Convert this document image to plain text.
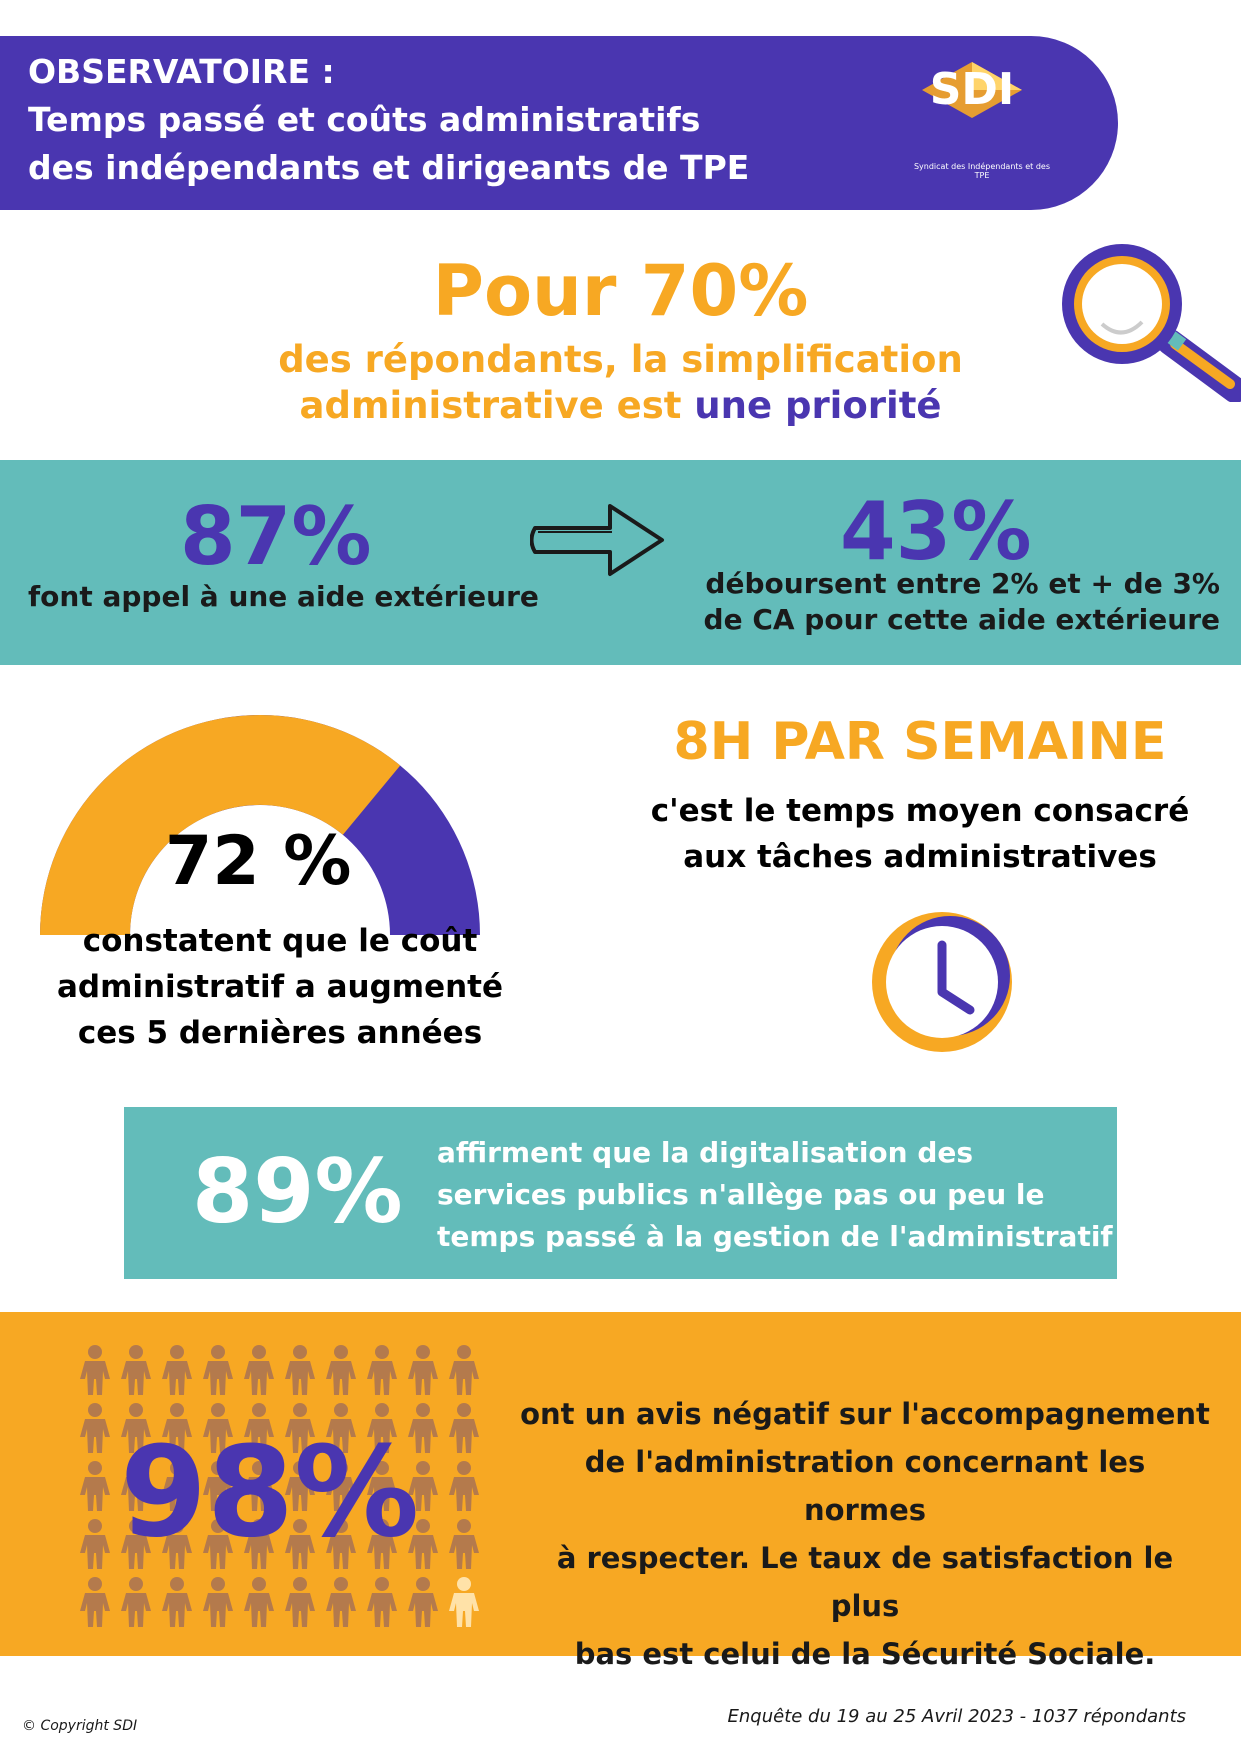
OBSERVATOIRE :
Temps passé et coûts administratifs
des indépendants et dirigeants de TPE
SDI
Syndicat des Indépendants et des TPE
Pour 70%
des répondants, la simplification
administrative est une priorité
87%
font appel à une aide extérieure
43%
déboursent entre 2% et + de 3%
de CA pour cette aide extérieure
72 %
constatent que le coût
administratif a augmenté
ces 5 dernières années
8H PAR SEMAINE
c'est le temps moyen consacré
aux tâches administratives
89% affirment que la digitalisation des
services publics n'allège pas ou peu le
temps passé à la gestion de l'administratif
98%
ont un avis négatif sur l'accompagnement
de l'administration concernant les normes
à respecter. Le taux de satisfaction le plus
bas est celui de la Sécurité Sociale.
© Copyright SDI	Enquête du 19 au 25 Avril 2023 - 1037 répondants
